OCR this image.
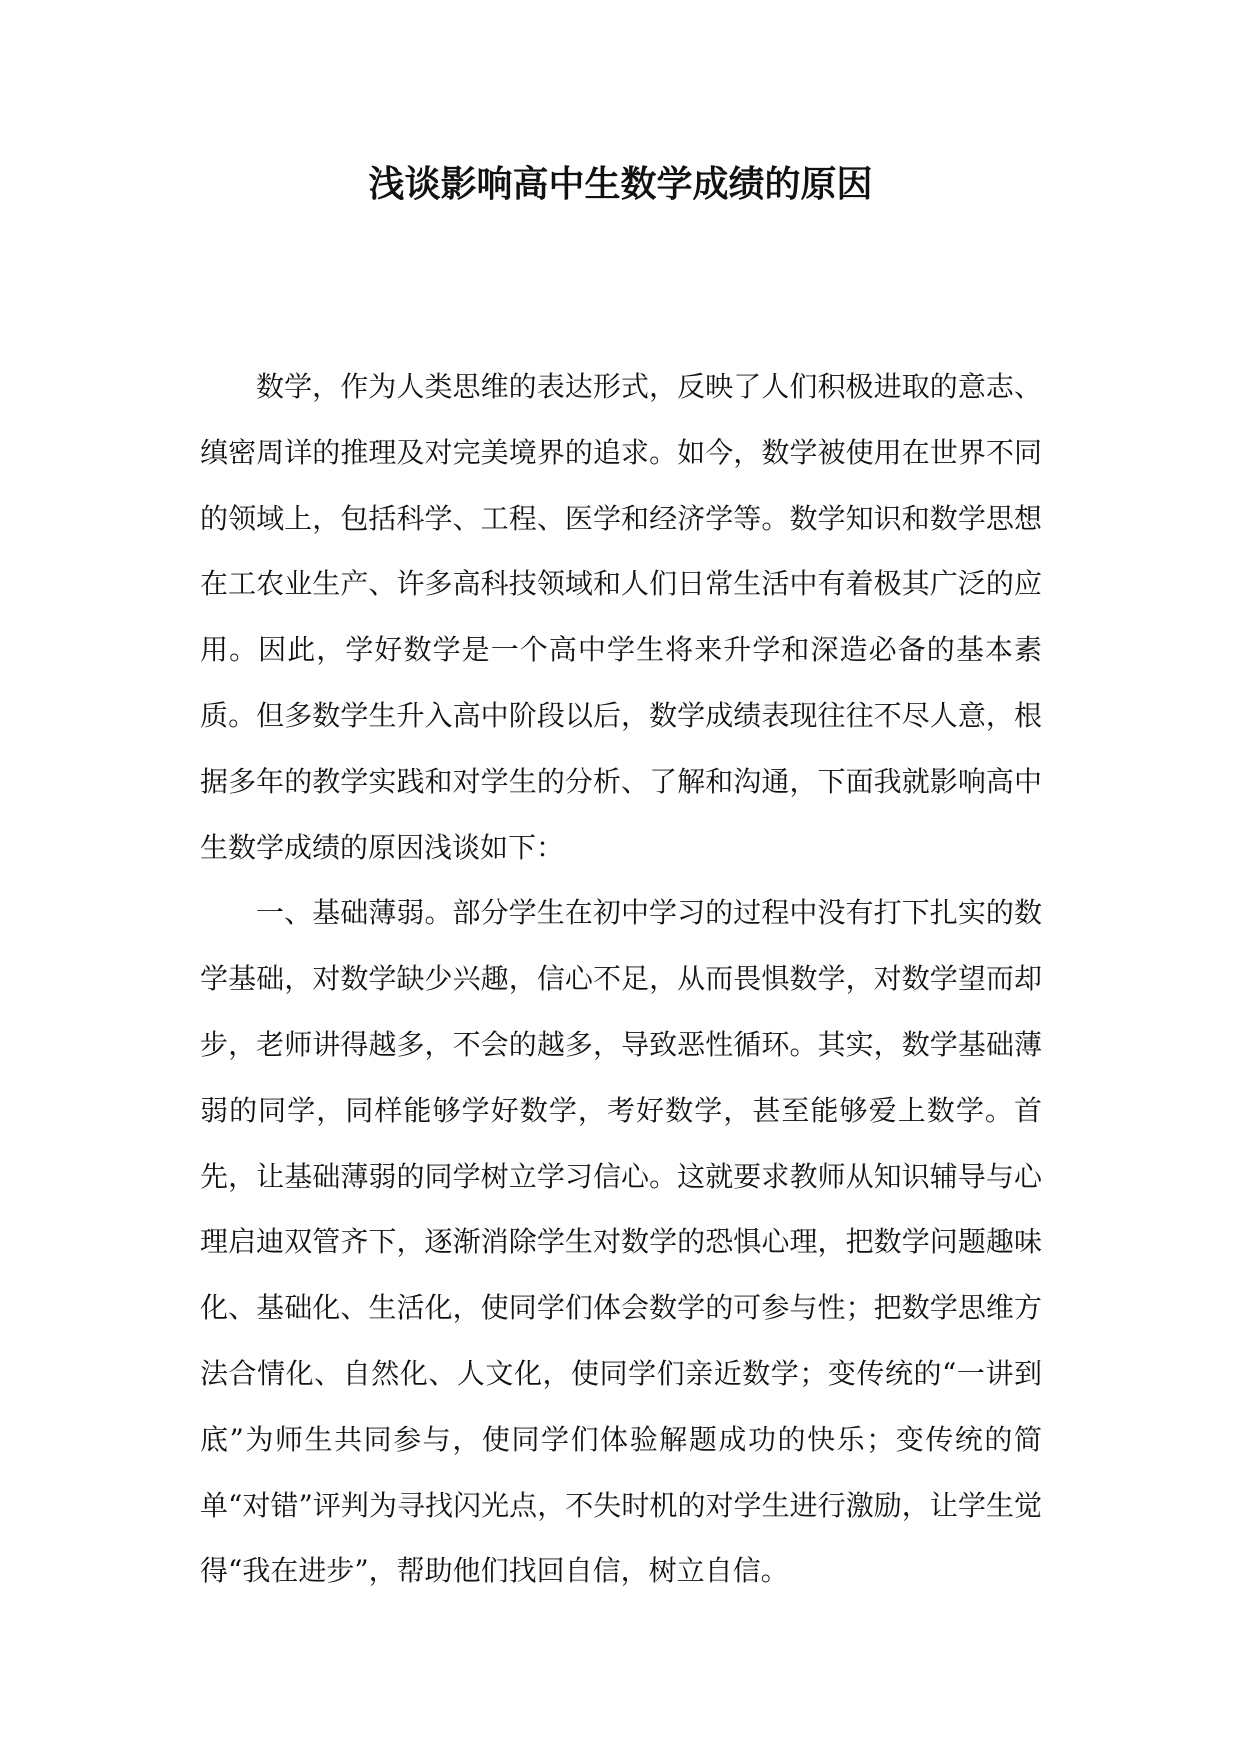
浅谈影响高中生数学成绩的原因

数学，作为人类思维的表达形式，反映了人们积极进取的意志、缜密周详的推理及对完美境界的追求。如今，数学被使用在世界不同的领域上，包括科学、工程、医学和经济学等。数学知识和数学思想在工农业生产、许多高科技领域和人们日常生活中有着极其广泛的应用。因此，学好数学是一个高中学生将来升学和深造必备的基本素质。但多数学生升入高中阶段以后，数学成绩表现往往不尽人意，根据多年的教学实践和对学生的分析、了解和沟通，下面我就影响高中生数学成绩的原因浅谈如下：

一、基础薄弱。部分学生在初中学习的过程中没有打下扎实的数学基础，对数学缺少兴趣，信心不足，从而畏惧数学，对数学望而却步，老师讲得越多，不会的越多，导致恶性循环。其实，数学基础薄弱的同学，同样能够学好数学，考好数学，甚至能够爱上数学。首先，让基础薄弱的同学树立学习信心。这就要求教师从知识辅导与心理启迪双管齐下，逐渐消除学生对数学的恐惧心理，把数学问题趣味化、基础化、生活化，使同学们体会数学的可参与性；把数学思维方法合情化、自然化、人文化，使同学们亲近数学；变传统的“一讲到底”为师生共同参与，使同学们体验解题成功的快乐；变传统的简单“对错”评判为寻找闪光点，不失时机的对学生进行激励，让学生觉得“我在进步”，帮助他们找回自信，树立自信。
